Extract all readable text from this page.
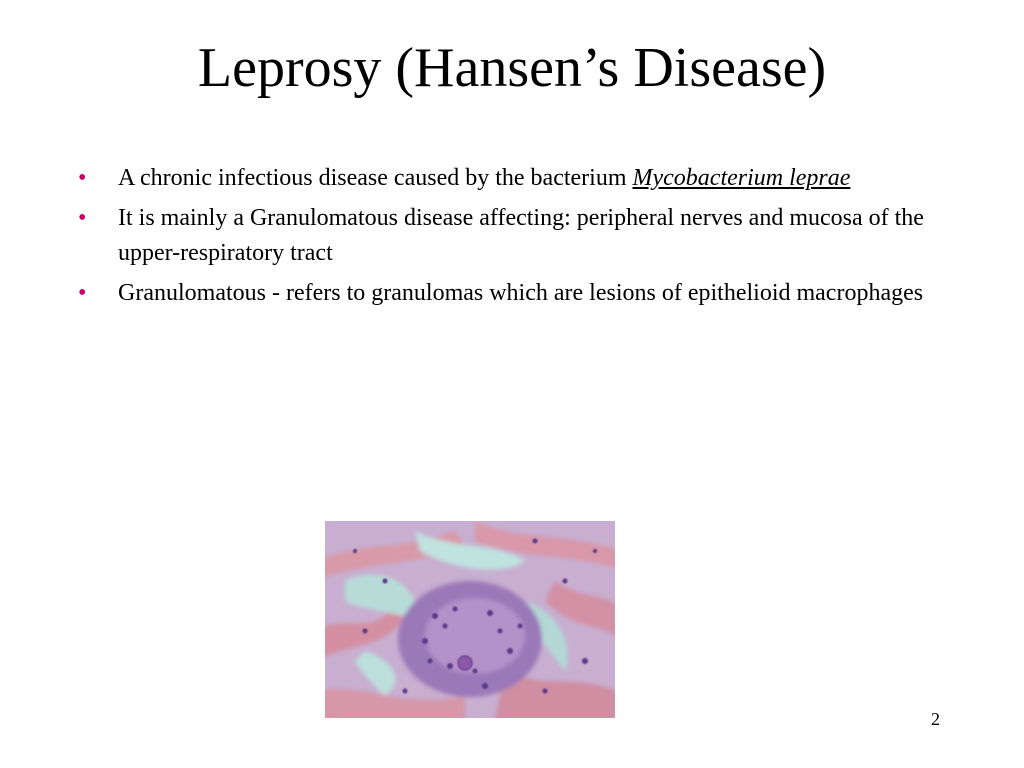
Leprosy (Hansen’s Disease)
• A chronic infectious disease caused by the bacterium Mycobacterium leprae
• It is mainly a Granulomatous disease affecting: peripheral nerves and mucosa of the upper-respiratory tract
• Granulomatous - refers to granulomas which are lesions of epithelioid macrophages
2
